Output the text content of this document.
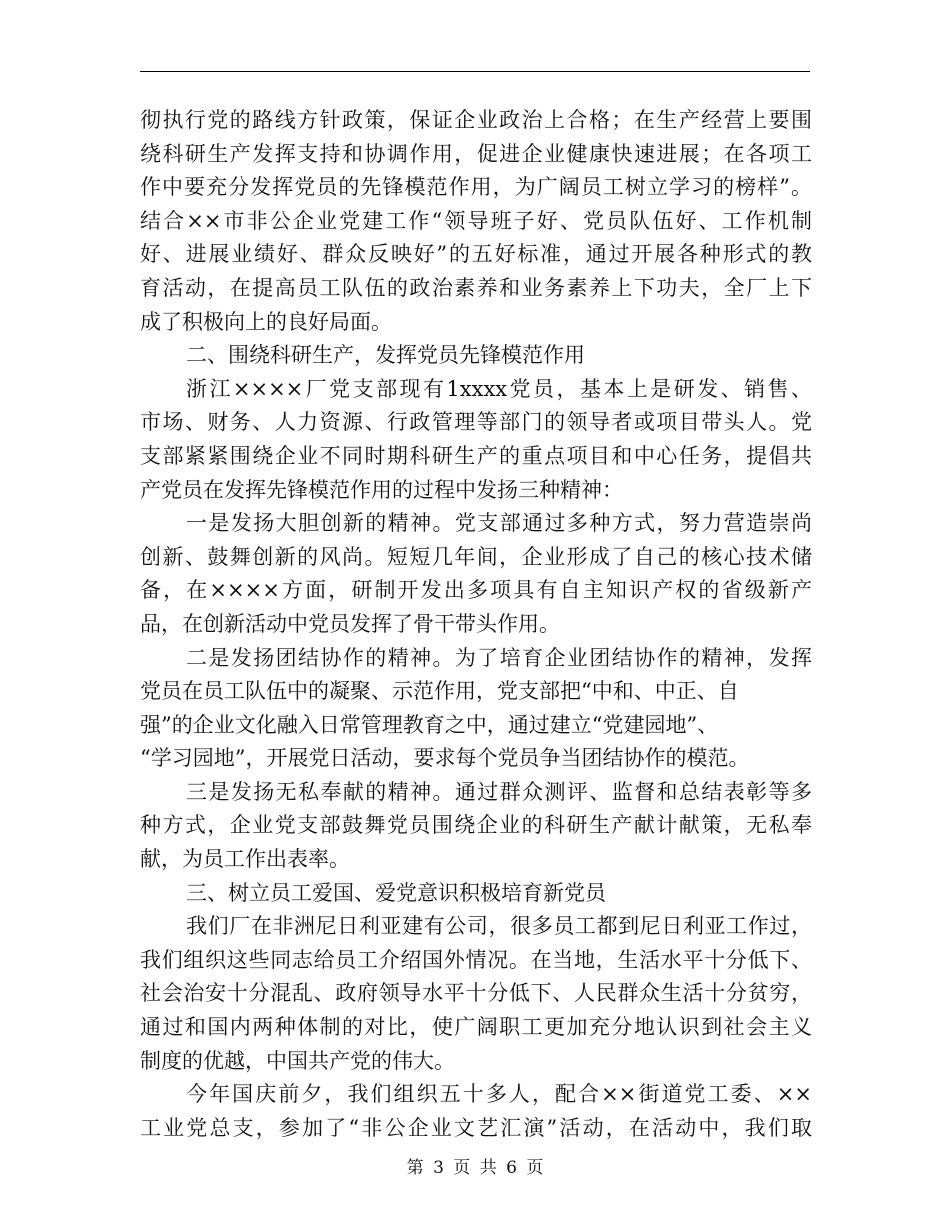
彻执行党的路线方针政策，保证企业政治上合格；在生产经营上要围
绕科研生产发挥支持和协调作用，促进企业健康快速进展；在各项工
作中要充分发挥党员的先锋模范作用，为广阔员工树立学习的榜样”。
结合××市非公企业党建工作“领导班子好、党员队伍好、工作机制
好、进展业绩好、群众反映好”的五好标准，通过开展各种形式的教
育活动，在提高员工队伍的政治素养和业务素养上下功夫，全厂上下
成了积极向上的良好局面。
二、围绕科研生产，发挥党员先锋模范作用
浙江××××厂党支部现有1xxxx党员，基本上是研发、销售、
市场、财务、人力资源、行政管理等部门的领导者或项目带头人。党
支部紧紧围绕企业不同时期科研生产的重点项目和中心任务，提倡共
产党员在发挥先锋模范作用的过程中发扬三种精神：
一是发扬大胆创新的精神。党支部通过多种方式，努力营造崇尚
创新、鼓舞创新的风尚。短短几年间，企业形成了自己的核心技术储
备，在××××方面，研制开发出多项具有自主知识产权的省级新产
品，在创新活动中党员发挥了骨干带头作用。
二是发扬团结协作的精神。为了培育企业团结协作的精神，发挥
党员在员工队伍中的凝聚、示范作用，党支部把“中和、中正、自
强”的企业文化融入日常管理教育之中，通过建立“党建园地”、
“学习园地”，开展党日活动，要求每个党员争当团结协作的模范。
三是发扬无私奉献的精神。通过群众测评、监督和总结表彰等多
种方式，企业党支部鼓舞党员围绕企业的科研生产献计献策，无私奉
献，为员工作出表率。
三、树立员工爱国、爱党意识积极培育新党员
我们厂在非洲尼日利亚建有公司，很多员工都到尼日利亚工作过，
我们组织这些同志给员工介绍国外情况。在当地，生活水平十分低下、
社会治安十分混乱、政府领导水平十分低下、人民群众生活十分贫穷，
通过和国内两种体制的对比，使广阔职工更加充分地认识到社会主义
制度的优越，中国共产党的伟大。
今年国庆前夕，我们组织五十多人，配合××街道党工委、××
工业党总支，参加了“非公企业文艺汇演”活动，在活动中，我们取
第 3 页 共 6 页
